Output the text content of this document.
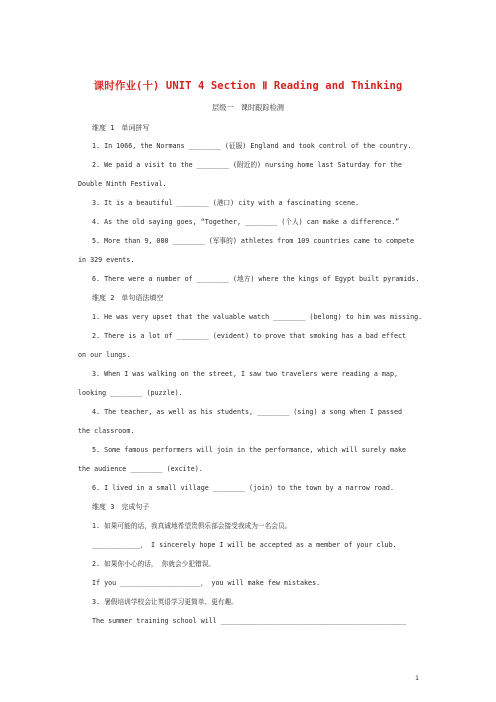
课时作业(十) UNIT 4 Section Ⅱ Reading and Thinking
层级一　课时跟踪检测
维度 1　单词拼写
1. In 1066, the Normans ________ (征服) England and took control of the country.
2. We paid a visit to the ________ (附近的) nursing home last Saturday for the
Double Ninth Festival.
3. It is a beautiful ________ (港口) city with a fascinating scene.
4. As the old saying goes, “Together, ________ (个人) can make a difference.”
5. More than 9, 000 ________ (军事的) athletes from 109 countries came to compete
in 329 events.
6. There were a number of ________ (地方) where the kings of Egypt built pyramids.
维度 2　单句语法填空
1. He was very upset that the valuable watch ________ (belong) to him was missing.
2. There is a lot of ________ (evident) to prove that smoking has a bad effect
on our lungs.
3. When I was walking on the street, I saw two travelers were reading a map,
looking ________ (puzzle).
4. The teacher, as well as his students, ________ (sing) a song when I passed
the classroom.
5. Some famous performers will join in the performance, which will surely make
the audience ________ (excite).
6. I lived in a small village ________ (join) to the town by a narrow road.
维度 3　完成句子
1. 如果可能的话，我真诚地希望贵俱乐部会接受我成为一名会员。
____________， I sincerely hope I will be accepted as a member of your club.
2. 如果你小心的话， 你就会少犯错误。
If you ____________________， you will make few mistakes.
3. 暑假培训学校会让英语学习更简单、更有趣。
The summer training school will ______________________________________________
1
